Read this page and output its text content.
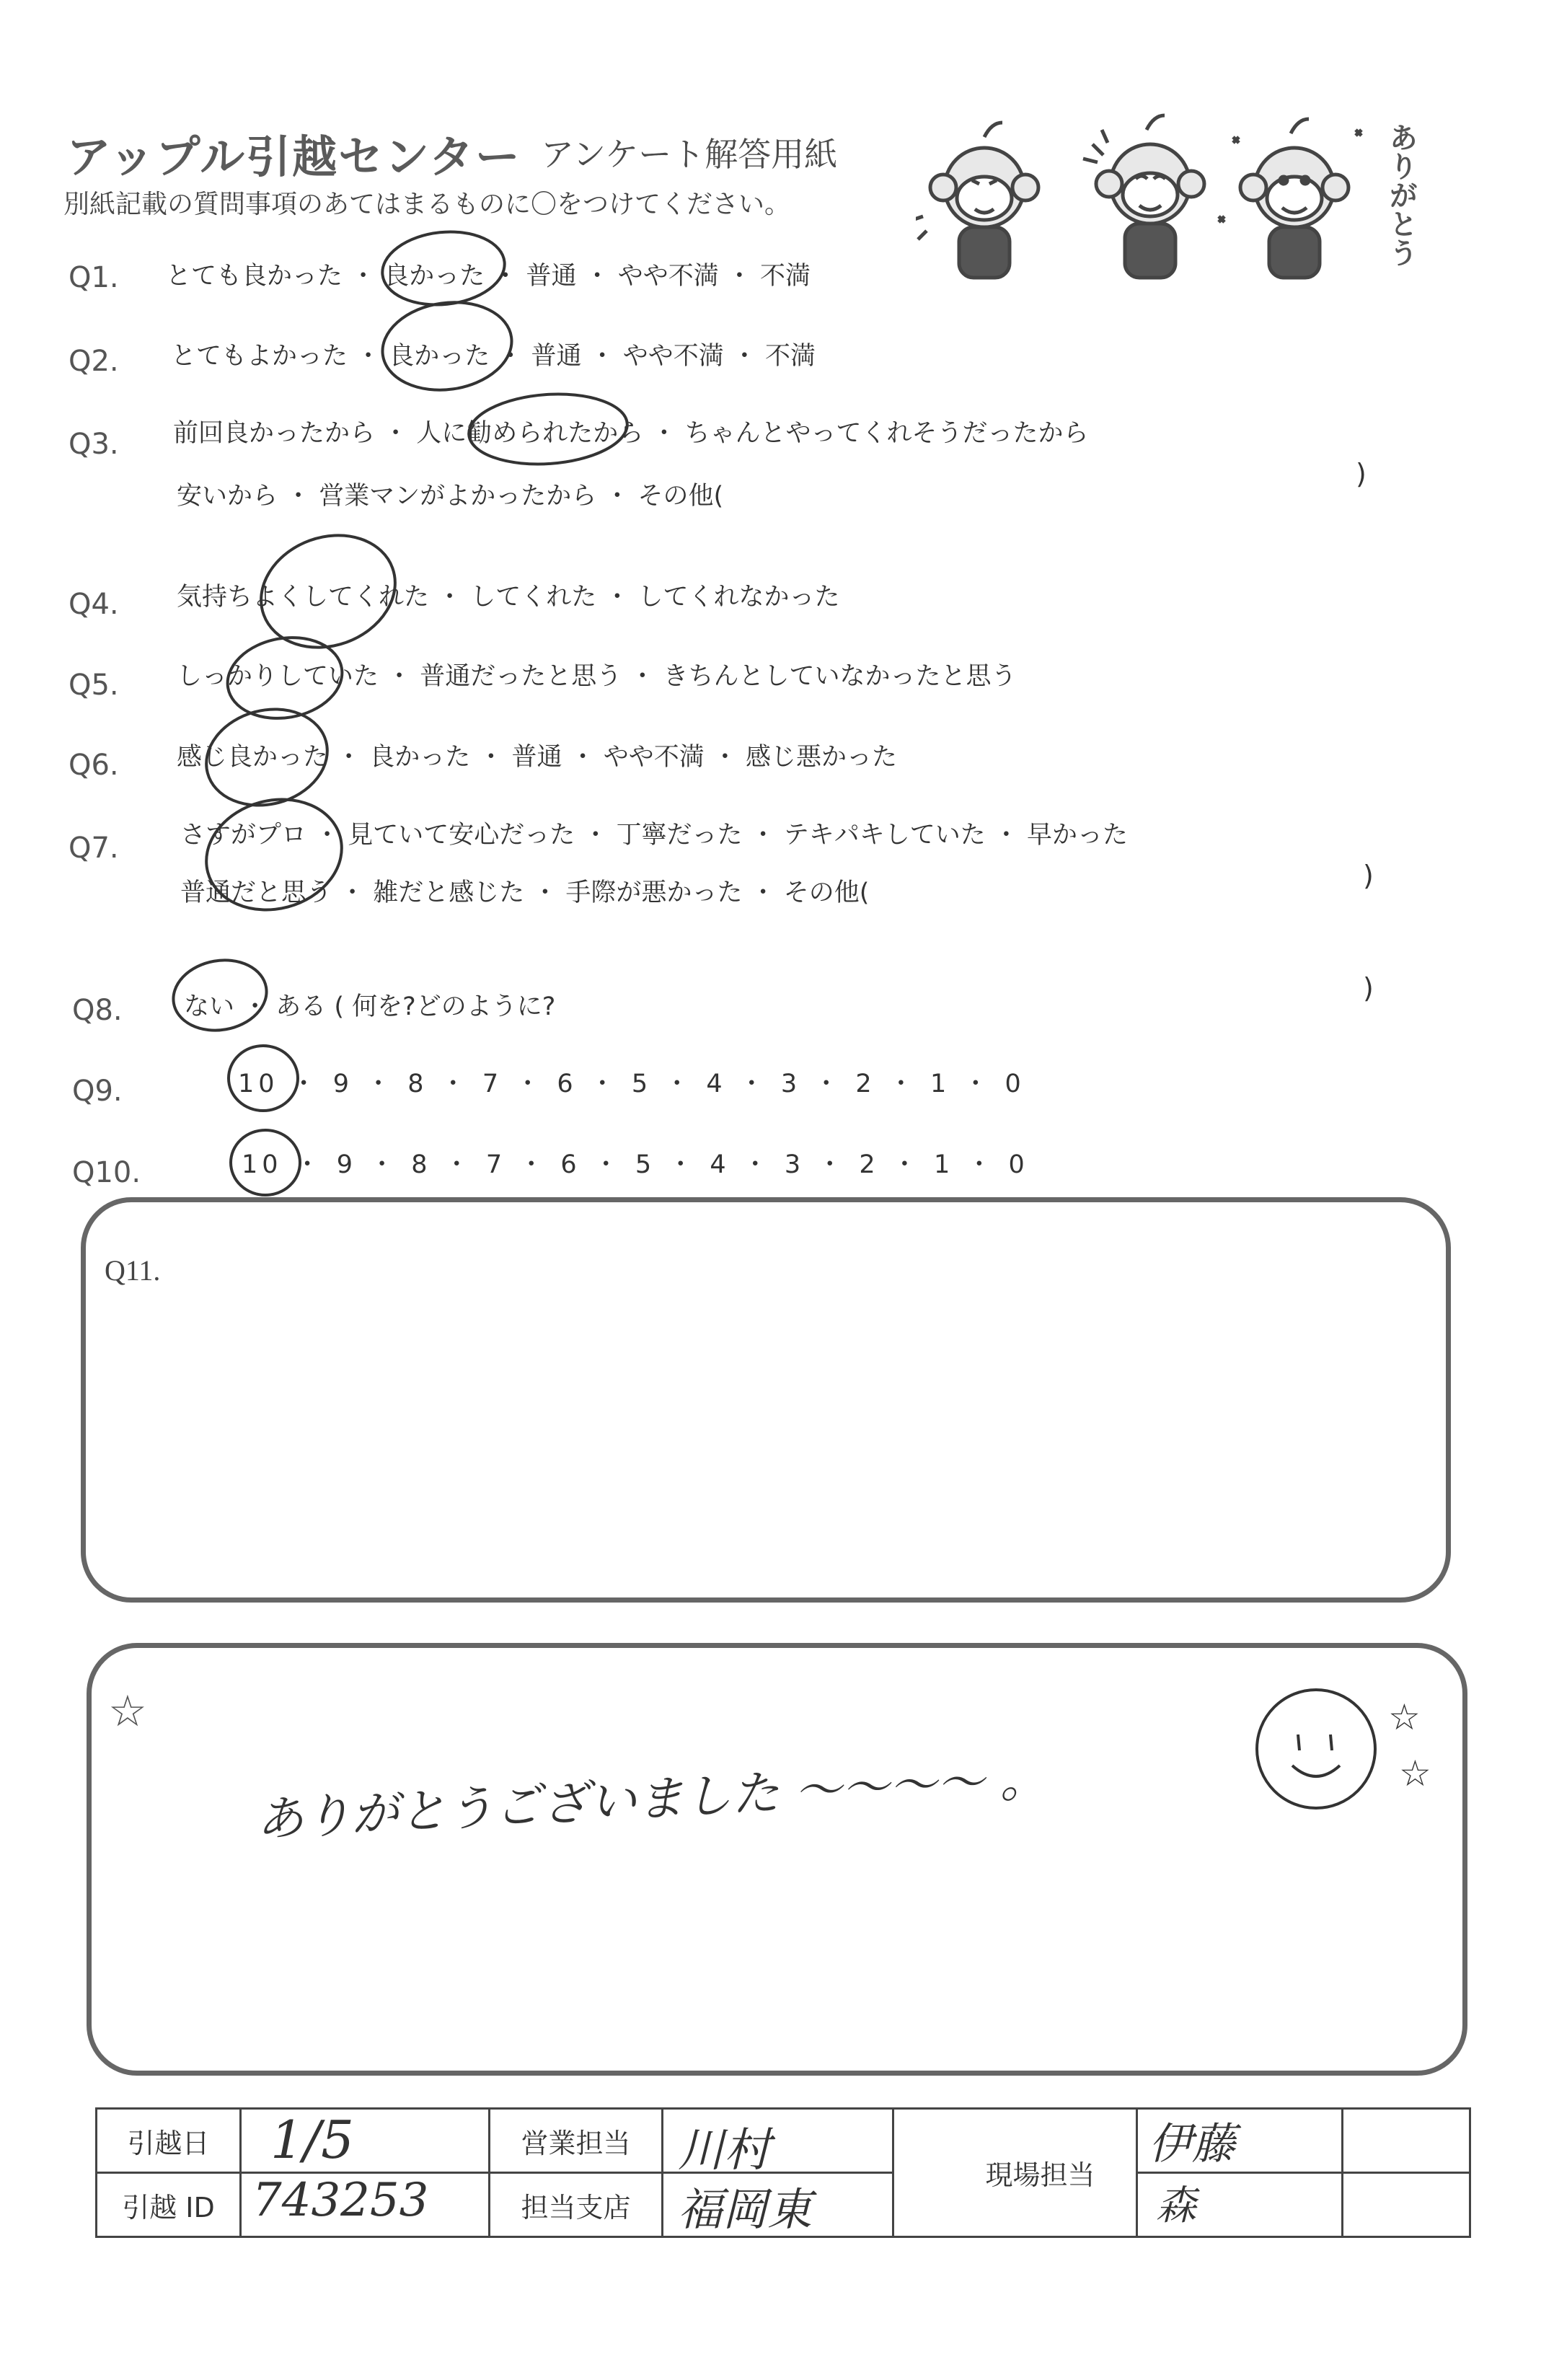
アップル引越センター アンケート解答用紙
別紙記載の質問事項のあてはまるものに〇をつけてください。	ありがとう
Q1. とても良かった ・ 良かった ・ 普通 ・ やや不満 ・ 不満
Q2. とてもよかった ・ 良かった ・ 普通 ・ やや不満 ・ 不満
Q3. 前回良かったから ・ 人に勧められたから ・ ちゃんとやってくれそうだったから
安いから ・ 営業マンがよかったから ・ その他(
)
Q4. 気持ちよくしてくれた ・ してくれた ・ してくれなかった
Q5. しっかりしていた ・ 普通だったと思う ・ きちんとしていなかったと思う
Q6. 感じ良かった ・ 良かった ・ 普通 ・ やや不満 ・ 感じ悪かった
Q7. さすがプロ ・ 見ていて安心だった ・ 丁寧だった ・ テキパキしていた ・ 早かった
普通だと思う ・ 雑だと感じた ・ 手際が悪かった ・ その他(
)
Q8. ない ・ ある ( 何を?どのように?
)
Q9.	10 ・ 9 ・ 8 ・ 7 ・ 6 ・ 5 ・ 4 ・ 3 ・ 2 ・ 1 ・ 0
Q10.	10 ・ 9 ・ 8 ・ 7 ・ 6 ・ 5 ・ 4 ・ 3 ・ 2 ・ 1 ・ 0
Q11.
☆
ありがとうございました 〜〜〜〜 。
☆
☆
引越日	1/5	営業担当	川村		現場担当	伊藤	

引越 ID	743253	担当支店	福岡東			森	
